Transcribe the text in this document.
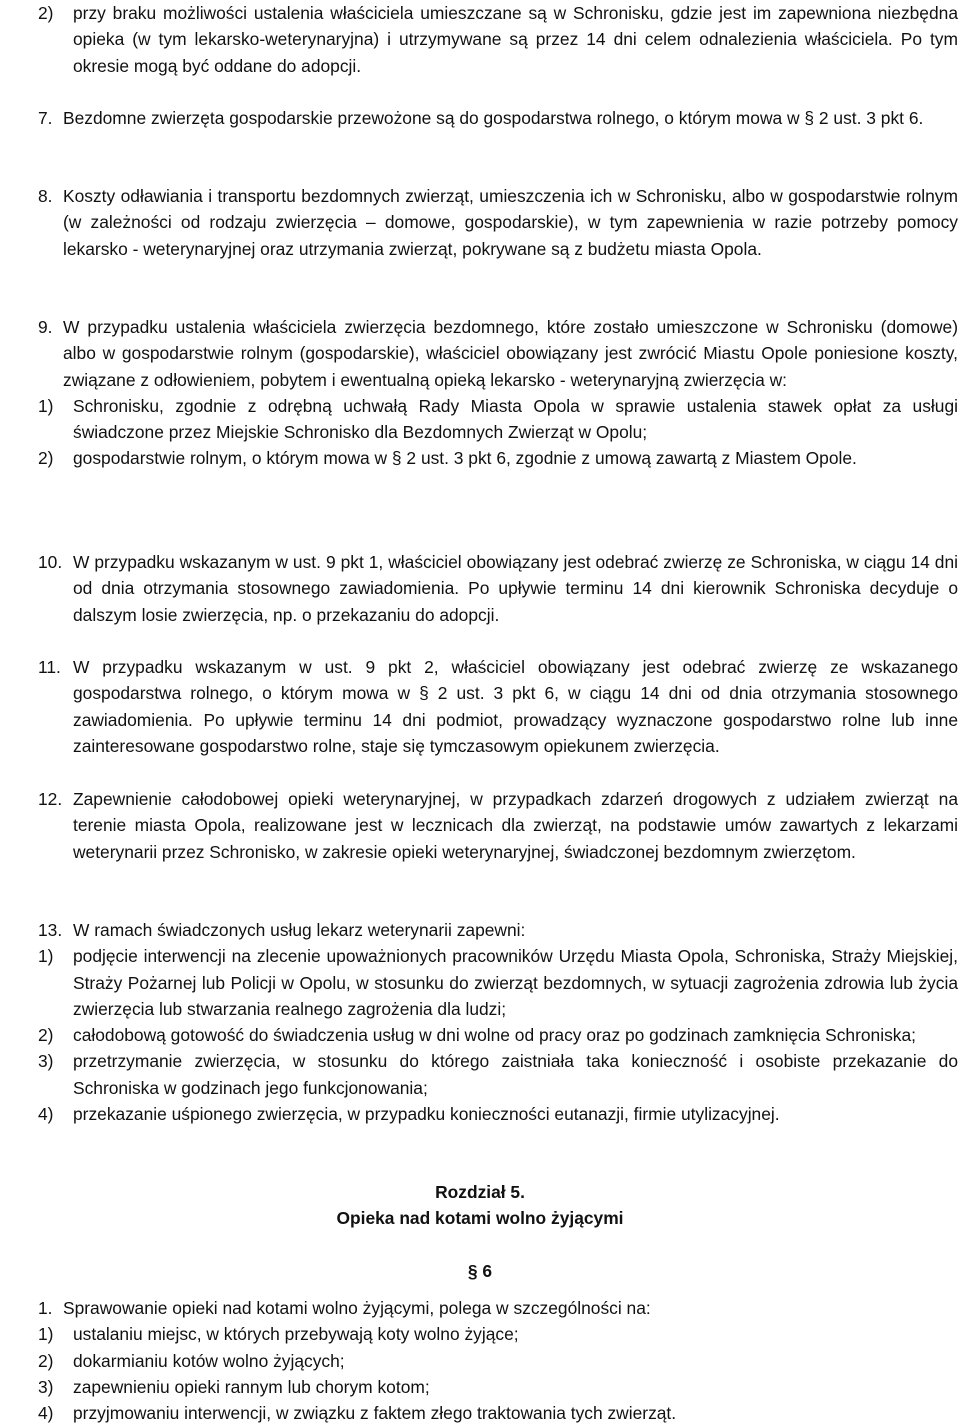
2)	przy braku możliwości ustalenia właściciela umieszczane są w Schronisku, gdzie jest im zapewniona niezbędna opieka (w tym lekarsko-weterynaryjna) i utrzymywane są przez 14 dni celem odnalezienia właściciela. Po tym okresie mogą być oddane do adopcji.
7. Bezdomne zwierzęta gospodarskie przewożone są do gospodarstwa rolnego, o którym mowa w § 2 ust. 3 pkt 6.
8. Koszty odławiania i transportu bezdomnych zwierząt, umieszczenia ich w Schronisku, albo w gospodarstwie rolnym (w zależności od rodzaju zwierzęcia – domowe, gospodarskie), w tym zapewnienia w razie potrzeby pomocy lekarsko - weterynaryjnej oraz utrzymania zwierząt, pokrywane są z budżetu miasta Opola.
9. W przypadku ustalenia właściciela zwierzęcia bezdomnego, które zostało umieszczone w Schronisku (domowe) albo w gospodarstwie rolnym (gospodarskie), właściciel obowiązany jest zwrócić Miastu Opole poniesione koszty, związane z odłowieniem, pobytem i ewentualną opieką lekarsko - weterynaryjną zwierzęcia w:
1)	Schronisku, zgodnie z odrębną uchwałą Rady Miasta Opola w sprawie ustalenia stawek opłat za usługi świadczone przez Miejskie Schronisko dla Bezdomnych Zwierząt w Opolu;
2)	gospodarstwie rolnym, o którym mowa w § 2 ust. 3 pkt 6, zgodnie z umową zawartą z Miastem Opole.
10. W przypadku wskazanym w ust. 9 pkt 1, właściciel obowiązany jest odebrać zwierzę ze Schroniska, w ciągu 14 dni od dnia otrzymania stosownego zawiadomienia. Po upływie terminu 14 dni kierownik Schroniska decyduje o dalszym losie zwierzęcia, np. o przekazaniu do adopcji.
11. W przypadku wskazanym w ust. 9 pkt 2, właściciel obowiązany jest odebrać zwierzę ze wskazanego gospodarstwa rolnego, o którym mowa w § 2 ust. 3 pkt 6, w ciągu 14 dni od dnia otrzymania stosownego zawiadomienia. Po upływie terminu 14 dni podmiot, prowadzący wyznaczone gospodarstwo rolne lub inne zainteresowane gospodarstwo rolne, staje się tymczasowym opiekunem zwierzęcia.
12. Zapewnienie całodobowej opieki weterynaryjnej, w przypadkach zdarzeń drogowych z udziałem zwierząt na terenie miasta Opola, realizowane jest w lecznicach dla zwierząt, na podstawie umów zawartych z lekarzami weterynarii przez Schronisko, w zakresie opieki weterynaryjnej, świadczonej bezdomnym zwierzętom.
13. W ramach świadczonych usług lekarz weterynarii zapewni:
1)	podjęcie interwencji na zlecenie upoważnionych pracowników Urzędu Miasta Opola, Schroniska, Straży Miejskiej, Straży Pożarnej lub Policji w Opolu, w stosunku do zwierząt bezdomnych, w sytuacji zagrożenia zdrowia lub życia zwierzęcia lub stwarzania realnego zagrożenia dla ludzi;
2)	całodobową gotowość do świadczenia usług w dni wolne od pracy oraz po godzinach zamknięcia Schroniska;
3)	przetrzymanie zwierzęcia, w stosunku do którego zaistniała taka konieczność i osobiste przekazanie do Schroniska w godzinach jego funkcjonowania;
4)	przekazanie uśpionego zwierzęcia, w przypadku konieczności eutanazji, firmie utylizacyjnej.
Rozdział 5.
Opieka nad kotami wolno żyjącymi
§ 6
1. Sprawowanie opieki nad kotami wolno żyjącymi, polega w szczególności na:
1)	ustalaniu miejsc, w których przebywają koty wolno żyjące;
2)	dokarmianiu kotów wolno żyjących;
3)	zapewnieniu opieki rannym lub chorym kotom;
4)	przyjmowaniu interwencji, w związku z faktem złego traktowania tych zwierząt.
